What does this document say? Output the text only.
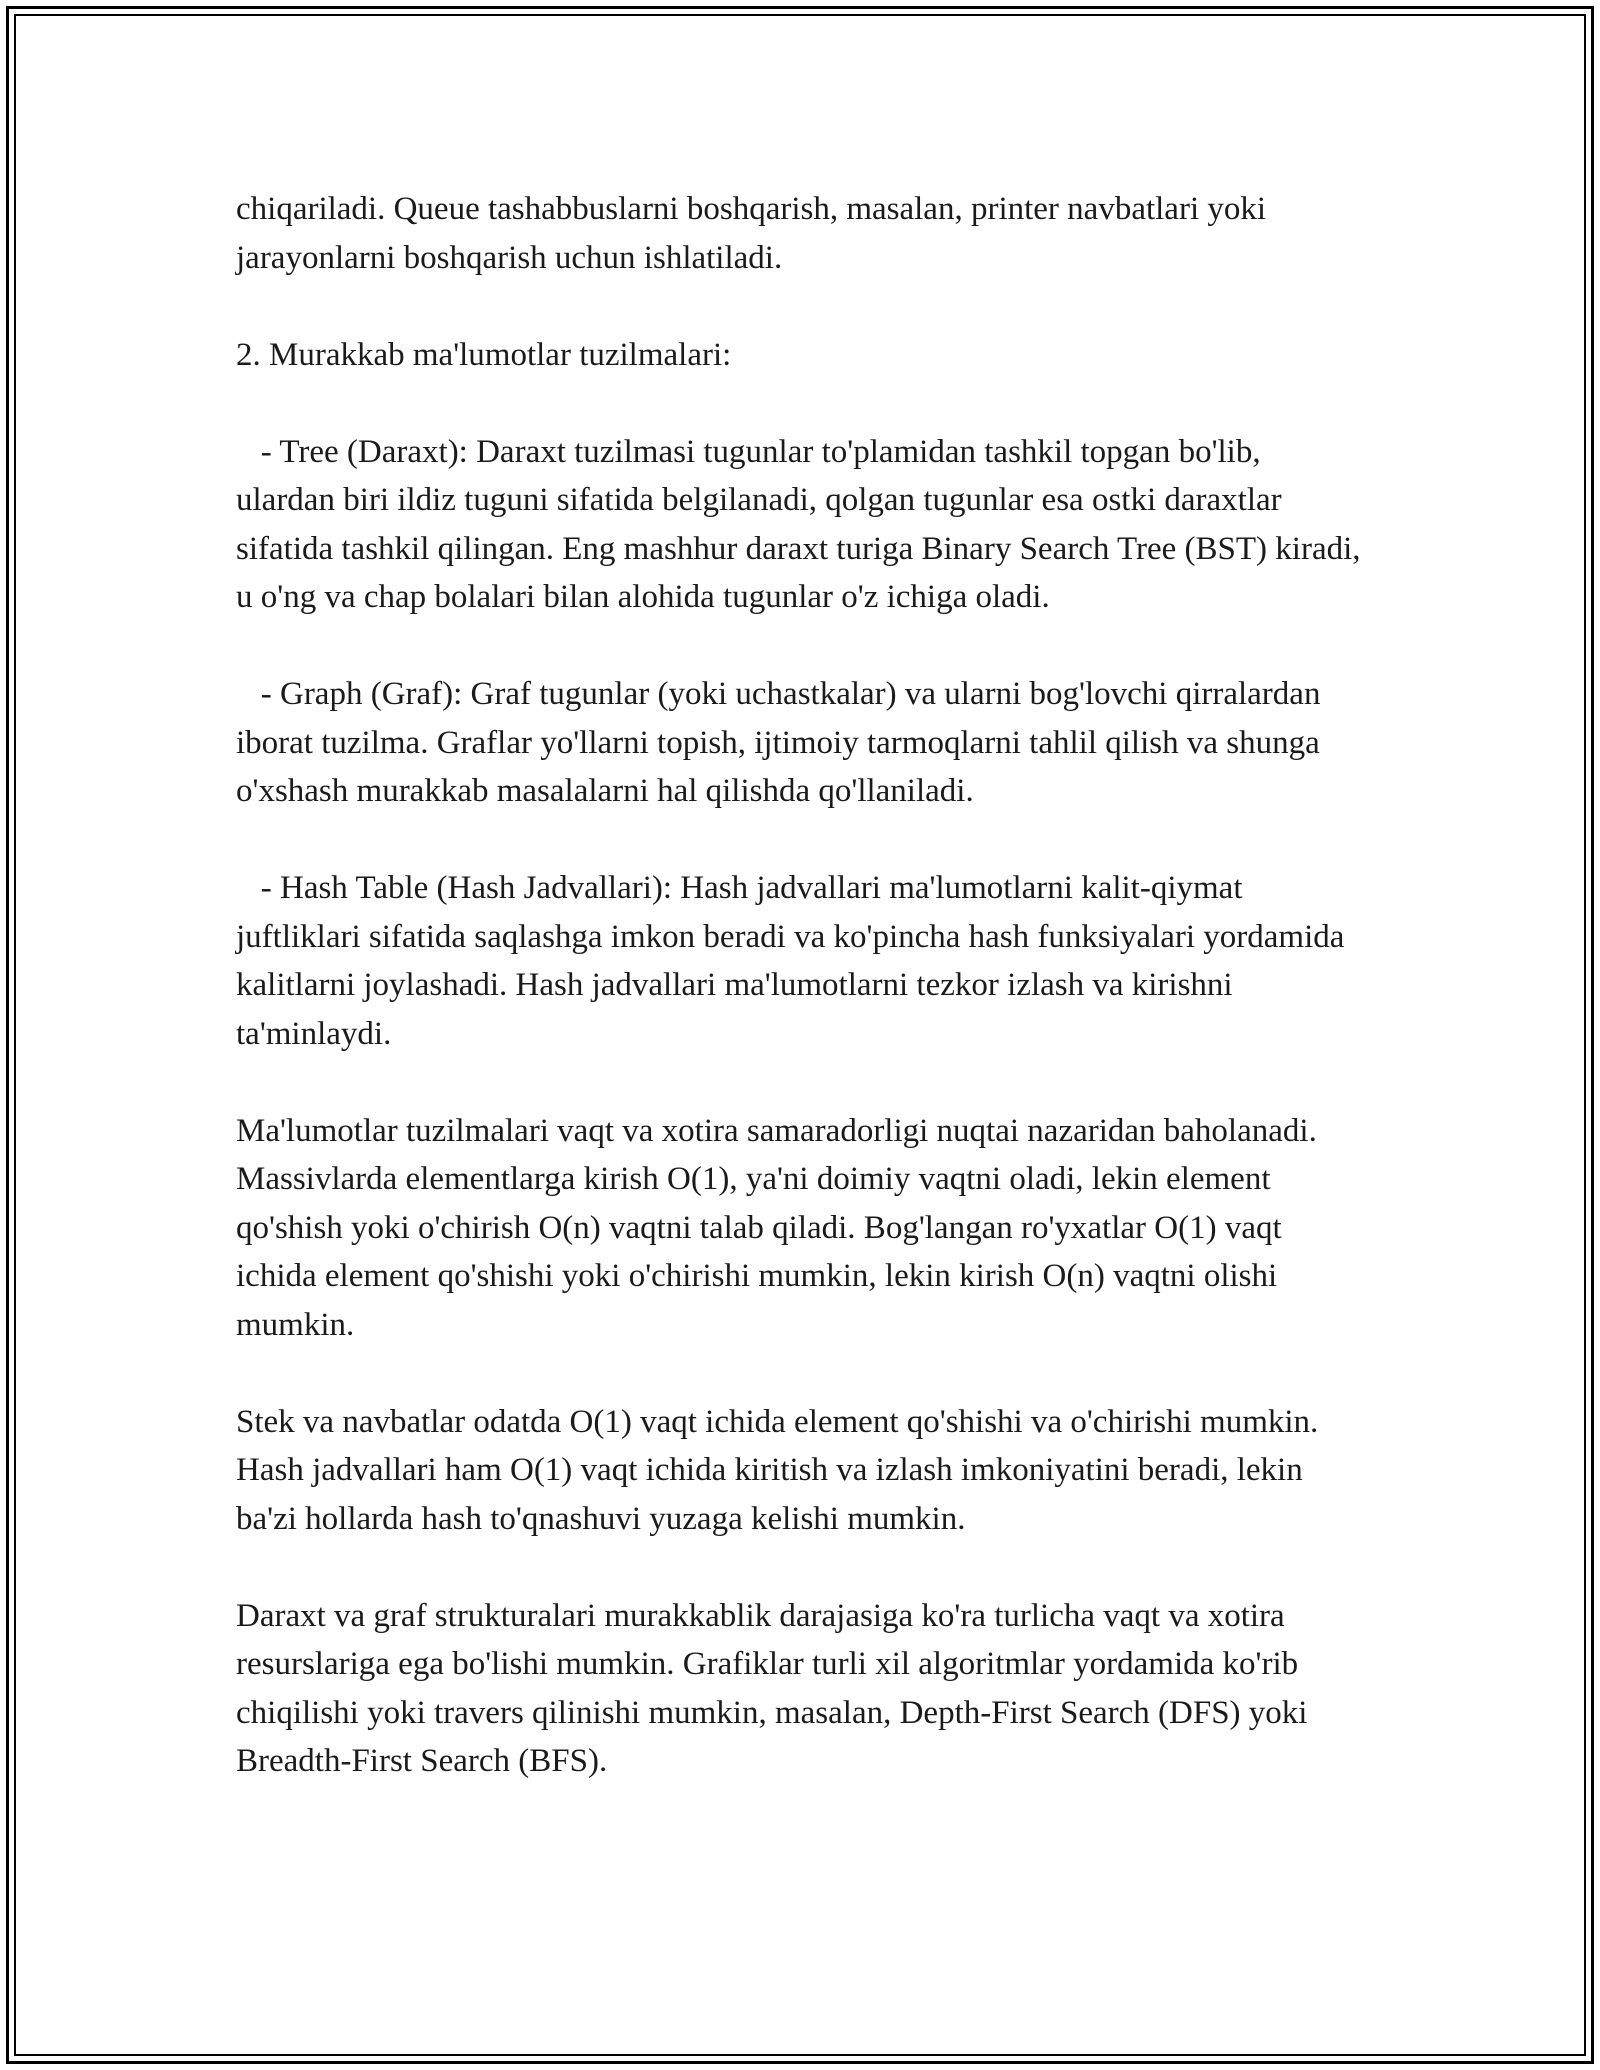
chiqariladi. Queue tashabbuslarni boshqarish, masalan, printer navbatlari yoki jarayonlarni boshqarish uchun ishlatiladi.

2. Murakkab ma'lumotlar tuzilmalari:

- Tree (Daraxt): Daraxt tuzilmasi tugunlar to'plamidan tashkil topgan bo'lib, ulardan biri ildiz tuguni sifatida belgilanadi, qolgan tugunlar esa ostki daraxtlar sifatida tashkil qilingan. Eng mashhur daraxt turiga Binary Search Tree (BST) kiradi, u o'ng va chap bolalari bilan alohida tugunlar o'z ichiga oladi.

- Graph (Graf): Graf tugunlar (yoki uchastkalar) va ularni bog'lovchi qirralardan iborat tuzilma. Graflar yo'llarni topish, ijtimoiy tarmoqlarni tahlil qilish va shunga o'xshash murakkab masalalarni hal qilishda qo'llaniladi.

- Hash Table (Hash Jadvallari): Hash jadvallari ma'lumotlarni kalit-qiymat juftliklari sifatida saqlashga imkon beradi va ko'pincha hash funksiyalari yordamida kalitlarni joylashadi. Hash jadvallari ma'lumotlarni tezkor izlash va kirishni ta'minlaydi.

Ma'lumotlar tuzilmalari vaqt va xotira samaradorligi nuqtai nazaridan baholanadi. Massivlarda elementlarga kirish O(1), ya'ni doimiy vaqtni oladi, lekin element qo'shish yoki o'chirish O(n) vaqtni talab qiladi. Bog'langan ro'yxatlar O(1) vaqt ichida element qo'shishi yoki o'chirishi mumkin, lekin kirish O(n) vaqtni olishi mumkin.

Stek va navbatlar odatda O(1) vaqt ichida element qo'shishi va o'chirishi mumkin. Hash jadvallari ham O(1) vaqt ichida kiritish va izlash imkoniyatini beradi, lekin ba'zi hollarda hash to'qnashuvi yuzaga kelishi mumkin.

Daraxt va graf strukturalari murakkablik darajasiga ko'ra turlicha vaqt va xotira resurslariga ega bo'lishi mumkin. Grafiklar turli xil algoritmlar yordamida ko'rib chiqilishi yoki travers qilinishi mumkin, masalan, Depth-First Search (DFS) yoki Breadth-First Search (BFS).
